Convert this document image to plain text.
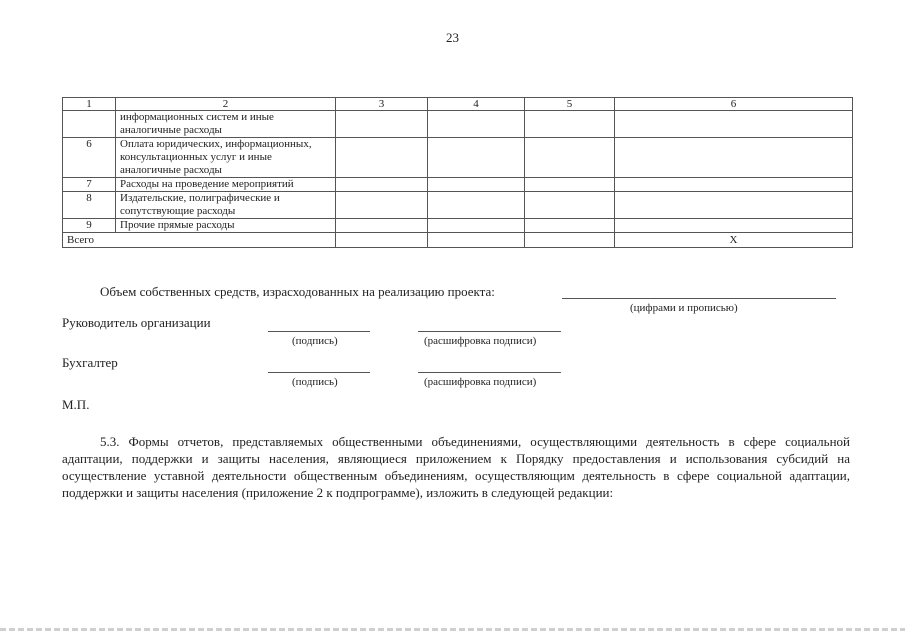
23
1	2	3	4	5	6
	информационных систем и иные аналогичные расходы				
6	Оплата юридических, информационных, консультационных услуг и иные аналогичные расходы				
7	Расходы на проведение мероприятий				
8	Издательские, полиграфические и сопутствующие расходы				
9	Прочие прямые расходы				
Всего					Х
Объем собственных средств, израсходованных на реализацию проекта:
(цифрами и прописью)
Руководитель организации
(подпись)	(расшифровка подписи)
Бухгалтер
(подпись)	(расшифровка подписи)
М.П.
5.3. Формы отчетов, представляемых общественными объединениями, осуществляющими деятельность в сфере социальной адаптации, поддержки и защиты населения, являющиеся приложением к Порядку предоставления и использования субсидий на осуществление уставной деятельности общественным объединениям, осуществляющим деятельность в сфере социальной адаптации, поддержки и защиты населения (приложение 2 к подпрограмме), изложить в следующей редакции:
